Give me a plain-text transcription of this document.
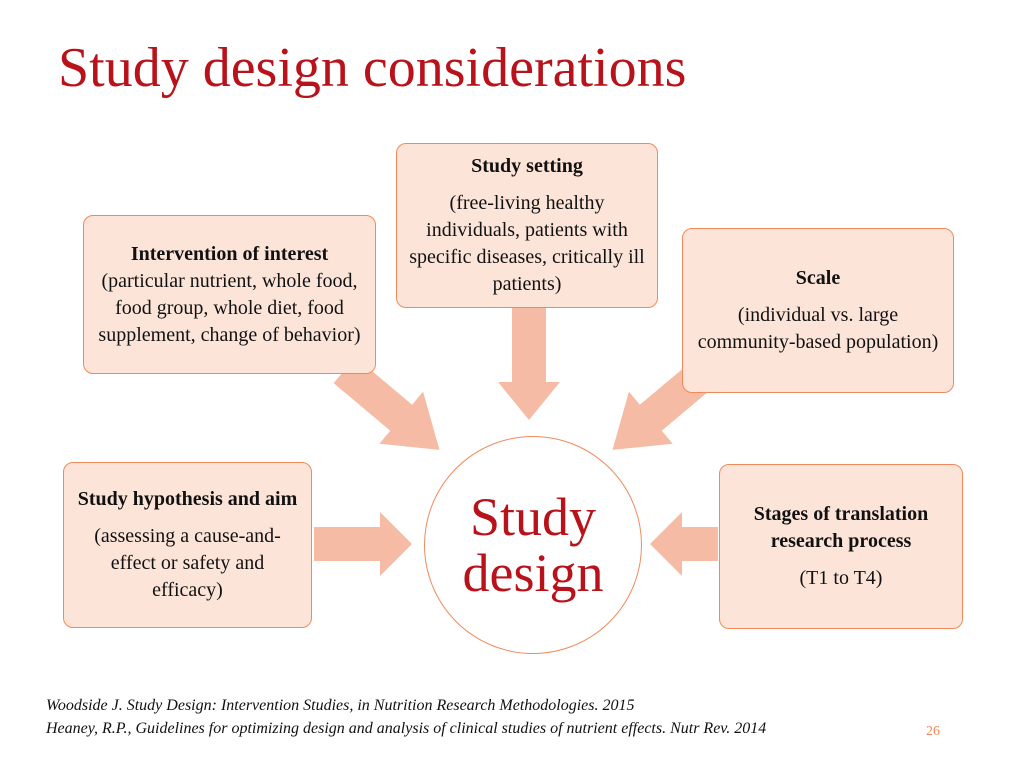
Study design considerations
Study setting
(free-living healthy individuals, patients with specific diseases, critically ill patients)
Intervention of interest
(particular nutrient, whole food, food group, whole diet, food supplement, change of behavior)
Scale
(individual vs. large community-based population)
Study hypothesis and aim
(assessing a cause-and-effect or safety and efficacy)
Stages of translation research process
(T1 to T4)
Study
design
Woodside J. Study Design: Intervention Studies, in Nutrition Research Methodologies. 2015
Heaney, R.P., Guidelines for optimizing design and analysis of clinical studies of nutrient effects. Nutr Rev. 2014	26
